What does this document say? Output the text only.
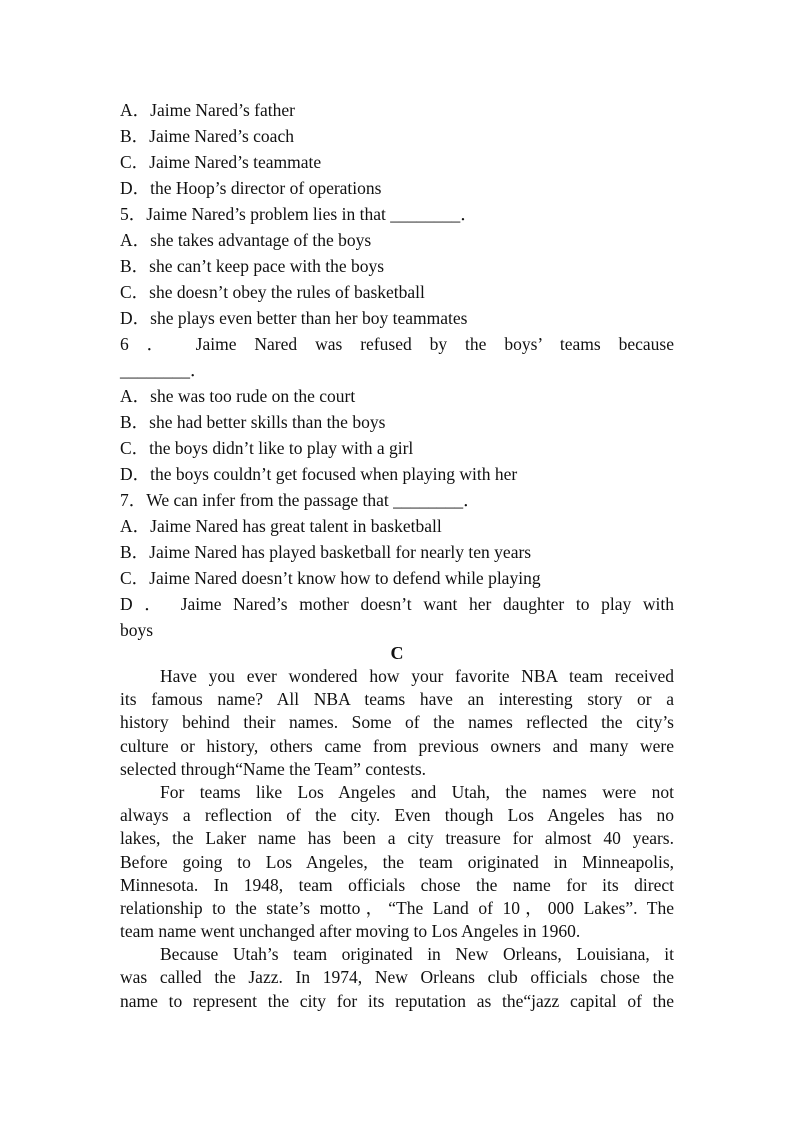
A．Jaime Nared’s father
B．Jaime Nared’s coach
C．Jaime Nared’s teammate
D．the Hoop’s director of operations
5．Jaime Nared’s problem lies in that ________．
A．she takes advantage of the boys
B．she can’t keep pace with the boys
C．she doesn’t obey the rules of basketball
D．she plays even better than her boy teammates
6 ． Jaime Nared was refused by the boys’ teams because
________．
A．she was too rude on the court
B．she had better skills than the boys
C．the boys didn’t like to play with a girl
D．the boys couldn’t get focused when playing with her
7．We can infer from the passage that ________．
A．Jaime Nared has great talent in basketball
B．Jaime Nared has played basketball for nearly ten years
C．Jaime Nared doesn’t know how to defend while playing
D ． Jaime Nared’s mother doesn’t want her daughter to play with
boys
C
Have you ever wondered how your favorite NBA team received
its famous name? All NBA teams have an interesting story or a
history behind their names. Some of the names reflected the city’s
culture or history, others came from previous owners and many were
selected through“Name the Team” contests.
For teams like Los Angeles and Utah, the names were not
always a reflection of the city. Even though Los Angeles has no
lakes, the Laker name has been a city treasure for almost 40 years.
Before going to Los Angeles, the team originated in Minneapolis,
Minnesota. In 1948, team officials chose the name for its direct
relationship to the state’s motto，“The Land of 10，000 Lakes”. The
team name went unchanged after moving to Los Angeles in 1960.
Because Utah’s team originated in New Orleans, Louisiana, it
was called the Jazz. In 1974, New Orleans club officials chose the
name to represent the city for its reputation as the“jazz capital of the
